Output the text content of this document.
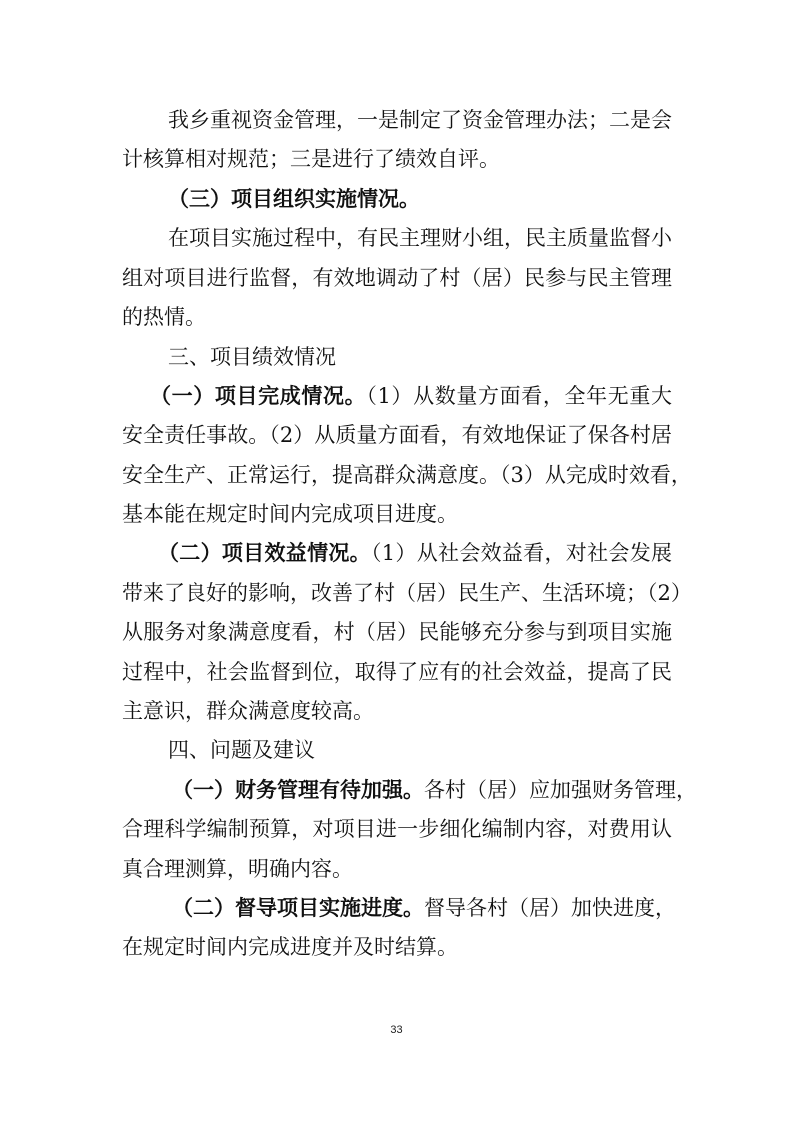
我乡重视资金管理，一是制定了资金管理办法；二是会
计核算相对规范；三是进行了绩效自评。
（三）项目组织实施情况。
在项目实施过程中，有民主理财小组，民主质量监督小
组对项目进行监督，有效地调动了村（居）民参与民主管理
的热情。
三、项目绩效情况
（一）项目完成情况。（1）从数量方面看，全年无重大
安全责任事故。（2）从质量方面看，有效地保证了保各村居
安全生产、正常运行，提高群众满意度。（3）从完成时效看，
基本能在规定时间内完成项目进度。
（二）项目效益情况。（1）从社会效益看，对社会发展
带来了良好的影响，改善了村（居）民生产、生活环境；（2）
从服务对象满意度看，村（居）民能够充分参与到项目实施
过程中，社会监督到位，取得了应有的社会效益，提高了民
主意识，群众满意度较高。
四、问题及建议
（一）财务管理有待加强。各村（居）应加强财务管理，
合理科学编制预算，对项目进一步细化编制内容，对费用认
真合理测算，明确内容。
（二）督导项目实施进度。督导各村（居）加快进度，
在规定时间内完成进度并及时结算。
33
